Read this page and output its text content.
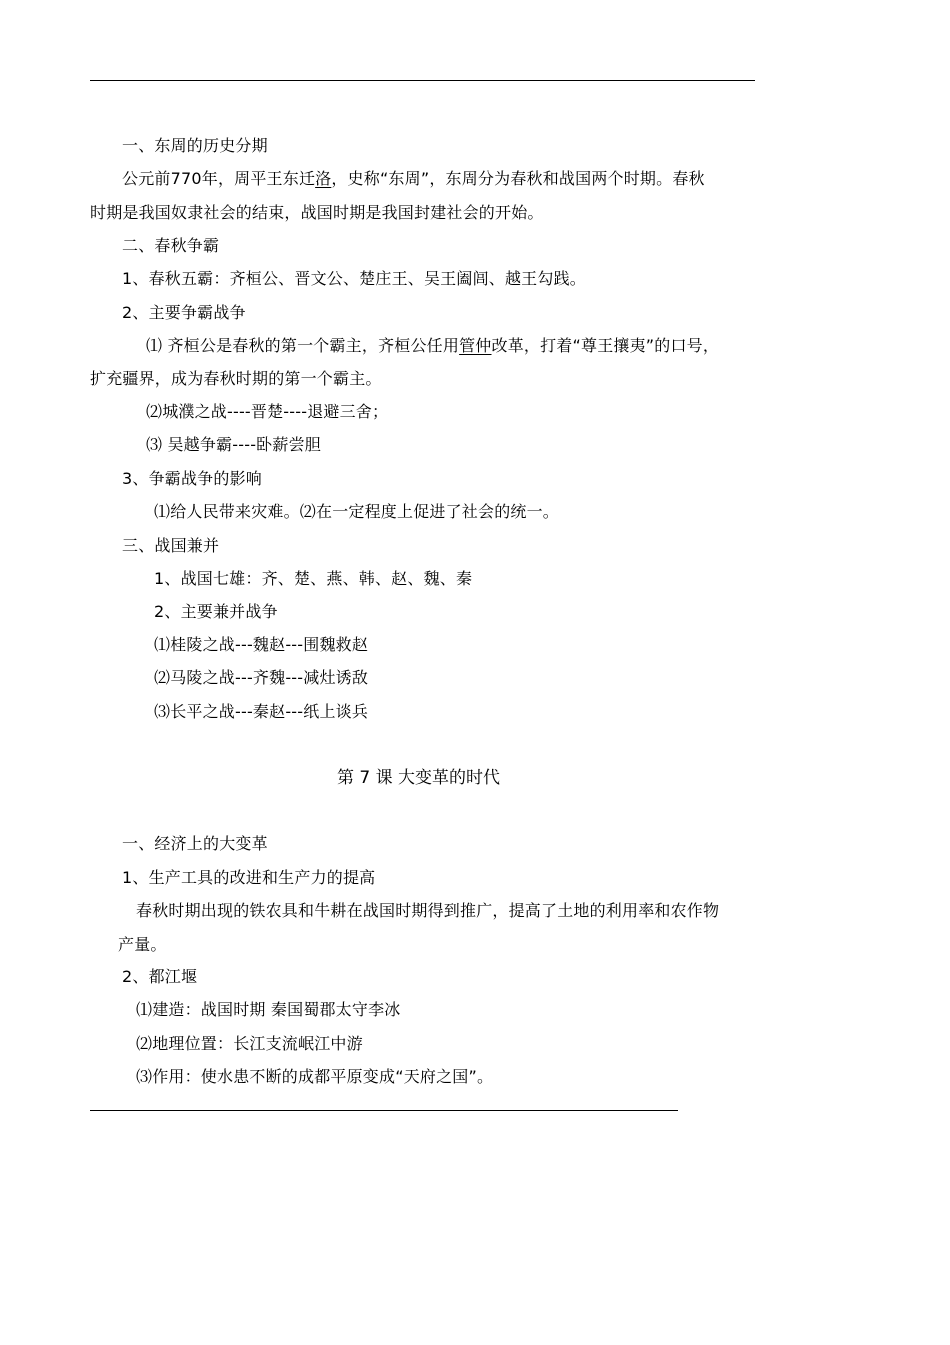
一、东周的历史分期
公元前770年，周平王东迁洛，史称“东周”，东周分为春秋和战国两个时期。春秋
时期是我国奴隶社会的结束，战国时期是我国封建社会的开始。
二、春秋争霸
1、春秋五霸：齐桓公、晋文公、楚庄王、吴王阖闾、越王勾践。
2、主要争霸战争
⑴ 齐桓公是春秋的第一个霸主，齐桓公任用管仲改革，打着“尊王攘夷”的口号，
扩充疆界，成为春秋时期的第一个霸主。
⑵城濮之战----晋楚----退避三舍；
⑶ 吴越争霸----卧薪尝胆
3、争霸战争的影响
⑴给人民带来灾难。⑵在一定程度上促进了社会的统一。
三、战国兼并
1、战国七雄：齐、楚、燕、韩、赵、魏、秦
2、主要兼并战争
⑴桂陵之战---魏赵---围魏救赵
⑵马陵之战---齐魏---减灶诱敌
⑶长平之战---秦赵---纸上谈兵
第 7 课 大变革的时代
一、经济上的大变革
1、生产工具的改进和生产力的提高
春秋时期出现的铁农具和牛耕在战国时期得到推广，提高了土地的利用率和农作物
产量。
2、都江堰
⑴建造：战国时期 秦国蜀郡太守李冰
⑵地理位置：长江支流岷江中游
⑶作用：使水患不断的成都平原变成“天府之国”。
